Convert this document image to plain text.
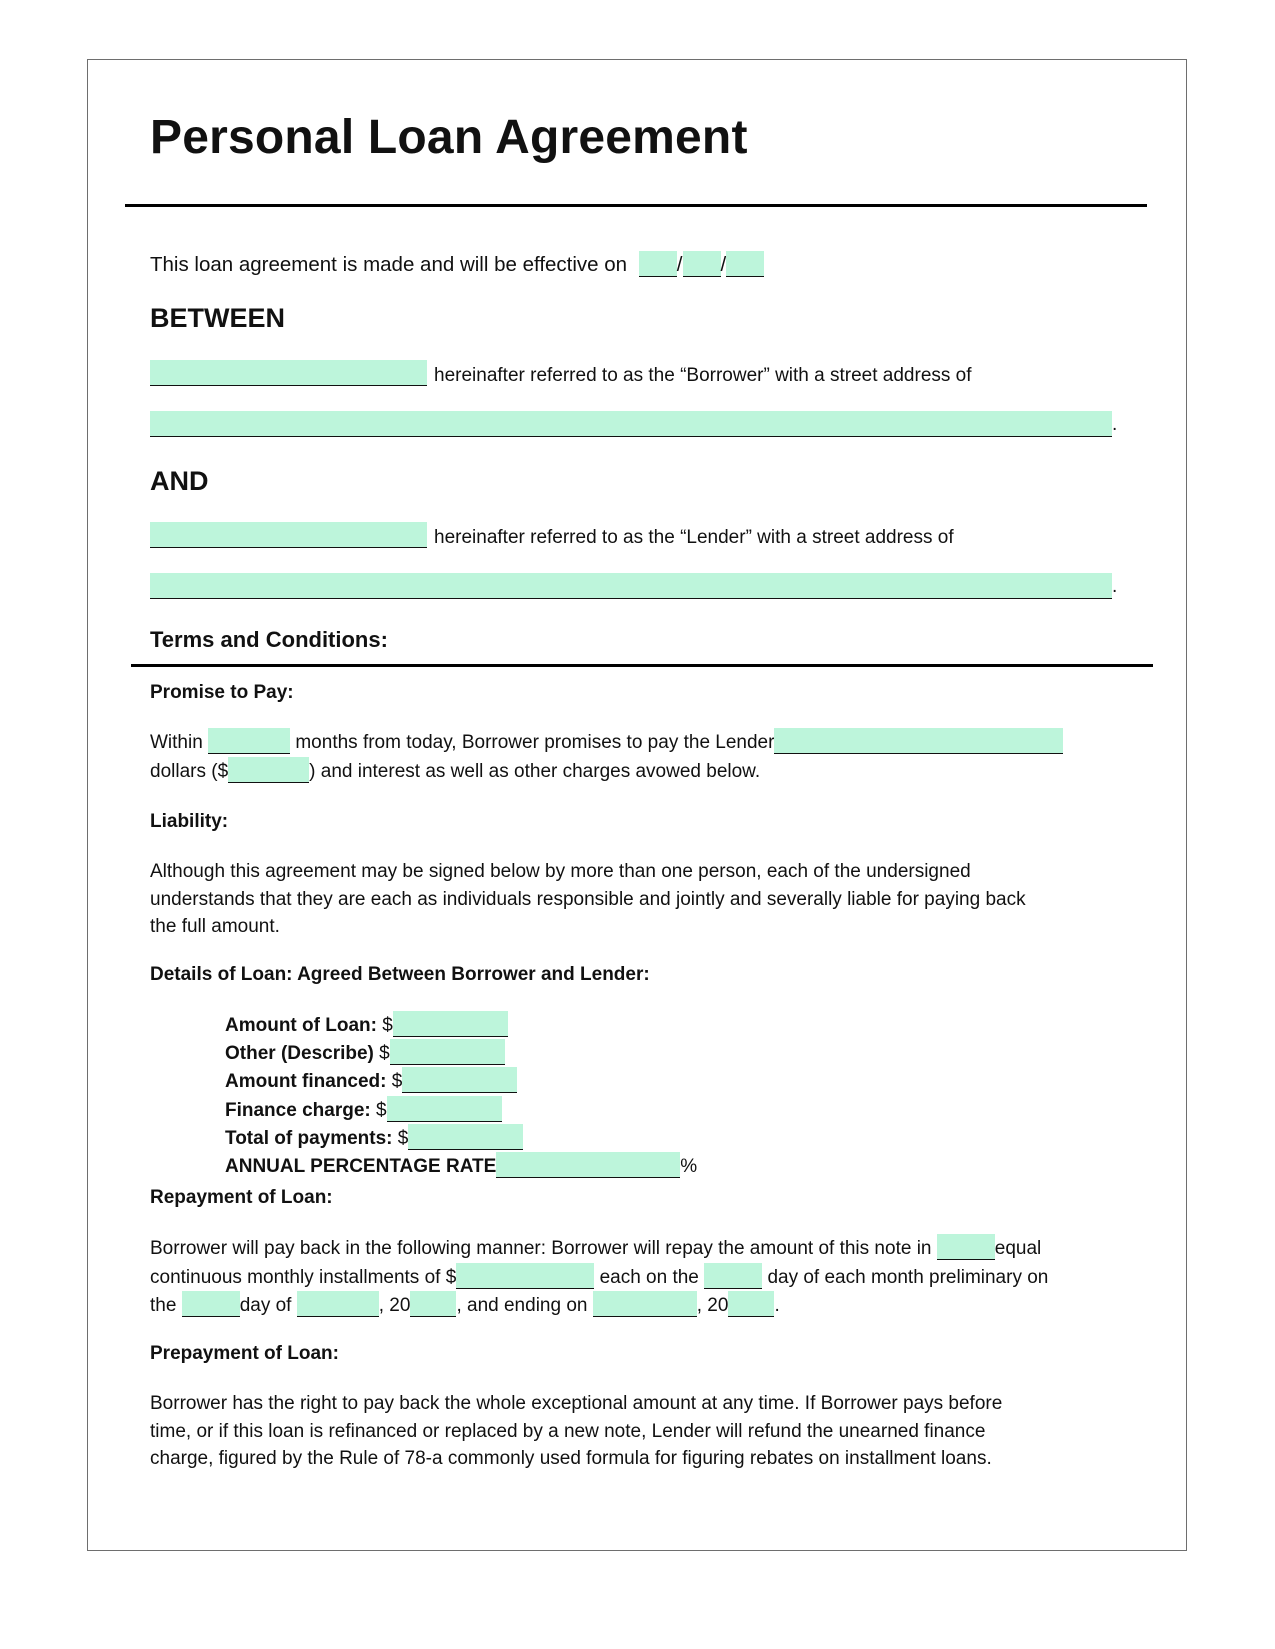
Personal Loan Agreement
This loan agreement is made and will be effective on / /
BETWEEN
hereinafter referred to as the “Borrower” with a street address of
.
AND
hereinafter referred to as the “Lender” with a street address of
.
Terms and Conditions:
Promise to Pay:
Within	months from today, Borrower promises to pay the Lender
dollars ($	) and interest as well as other charges avowed below.
Liability:
Although this agreement may be signed below by more than one person, each of the undersigned
understands that they are each as individuals responsible and jointly and severally liable for paying back
the full amount.
Details of Loan: Agreed Between Borrower and Lender:
Amount of Loan: $
Other (Describe) $
Amount financed: $
Finance charge: $
Total of payments: $
ANNUAL PERCENTAGE RATE	%
Repayment of Loan:
Borrower will pay back in the following manner: Borrower will repay the amount of this note in	equal
continuous monthly installments of $	each on the	day of each month preliminary on
the	day of	, 20 , and ending on	, 20 .
Prepayment of Loan:
Borrower has the right to pay back the whole exceptional amount at any time. If Borrower pays before
time, or if this loan is refinanced or replaced by a new note, Lender will refund the unearned finance
charge, figured by the Rule of 78-a commonly used formula for figuring rebates on installment loans.
